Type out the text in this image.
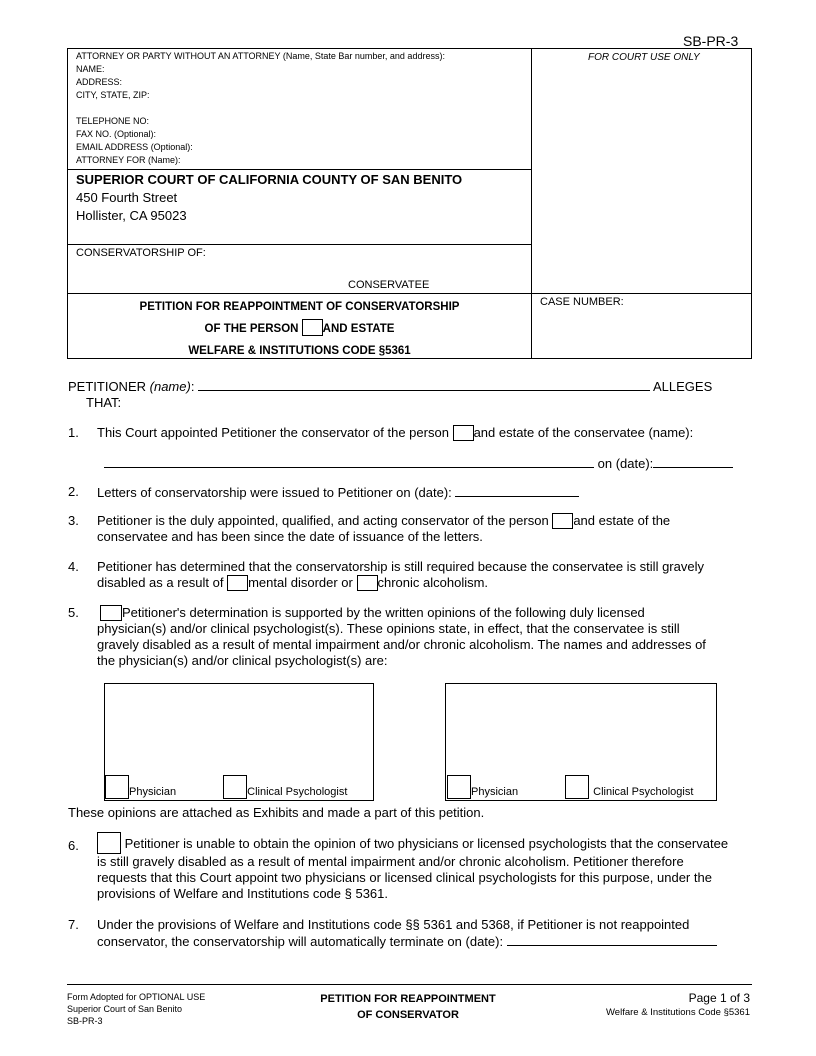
SB-PR-3
ATTORNEY OR PARTY WITHOUT AN ATTORNEY (Name, State Bar number, and address):
NAME:
ADDRESS:
CITY, STATE, ZIP:
TELEPHONE NO:
FAX NO. (Optional):
EMAIL ADDRESS (Optional):
ATTORNEY FOR (Name):
FOR COURT USE ONLY
SUPERIOR COURT OF CALIFORNIA COUNTY OF SAN BENITO
450 Fourth Street
Hollister, CA 95023
CONSERVATORSHIP OF:
CONSERVATEE
PETITION FOR REAPPOINTMENT OF CONSERVATORSHIP
OF THE PERSON AND ESTATE
WELFARE & INSTITUTIONS CODE §5361
CASE NUMBER:
PETITIONER (name):	ALLEGES
THAT:
1. This Court appointed Petitioner the conservator of the person and estate of the conservatee (name):
on (date):
2. Letters of conservatorship were issued to Petitioner on (date):
3. Petitioner is the duly appointed, qualified, and acting conservator of the person and estate of the
conservatee and has been since the date of issuance of the letters.
4. Petitioner has determined that the conservatorship is still required because the conservatee is still gravely
disabled as a result of mental disorder or chronic alcoholism.
5.	Petitioner's determination is supported by the written opinions of the following duly licensed
physician(s) and/or clinical psychologist(s). These opinions state, in effect, that the conservatee is still
gravely disabled as a result of mental impairment and/or chronic alcoholism. The names and addresses of
the physician(s) and/or clinical psychologist(s) are:
Physician	Clinical Psychologist	Physician	Clinical Psychologist
These opinions are attached as Exhibits and made a part of this petition.
6.	Petitioner is unable to obtain the opinion of two physicians or licensed psychologists that the conservatee
is still gravely disabled as a result of mental impairment and/or chronic alcoholism. Petitioner therefore
requests that this Court appoint two physicians or licensed clinical psychologists for this purpose, under the
provisions of Welfare and Institutions code § 5361.
7. Under the provisions of Welfare and Institutions code §§ 5361 and 5368, if Petitioner is not reappointed
conservator, the conservatorship will automatically terminate on (date):
Form Adopted for OPTIONAL USE
Superior Court of San Benito
SB-PR-3
PETITION FOR REAPPOINTMENT
OF CONSERVATOR
Page 1 of 3
Welfare & Institutions Code §5361
